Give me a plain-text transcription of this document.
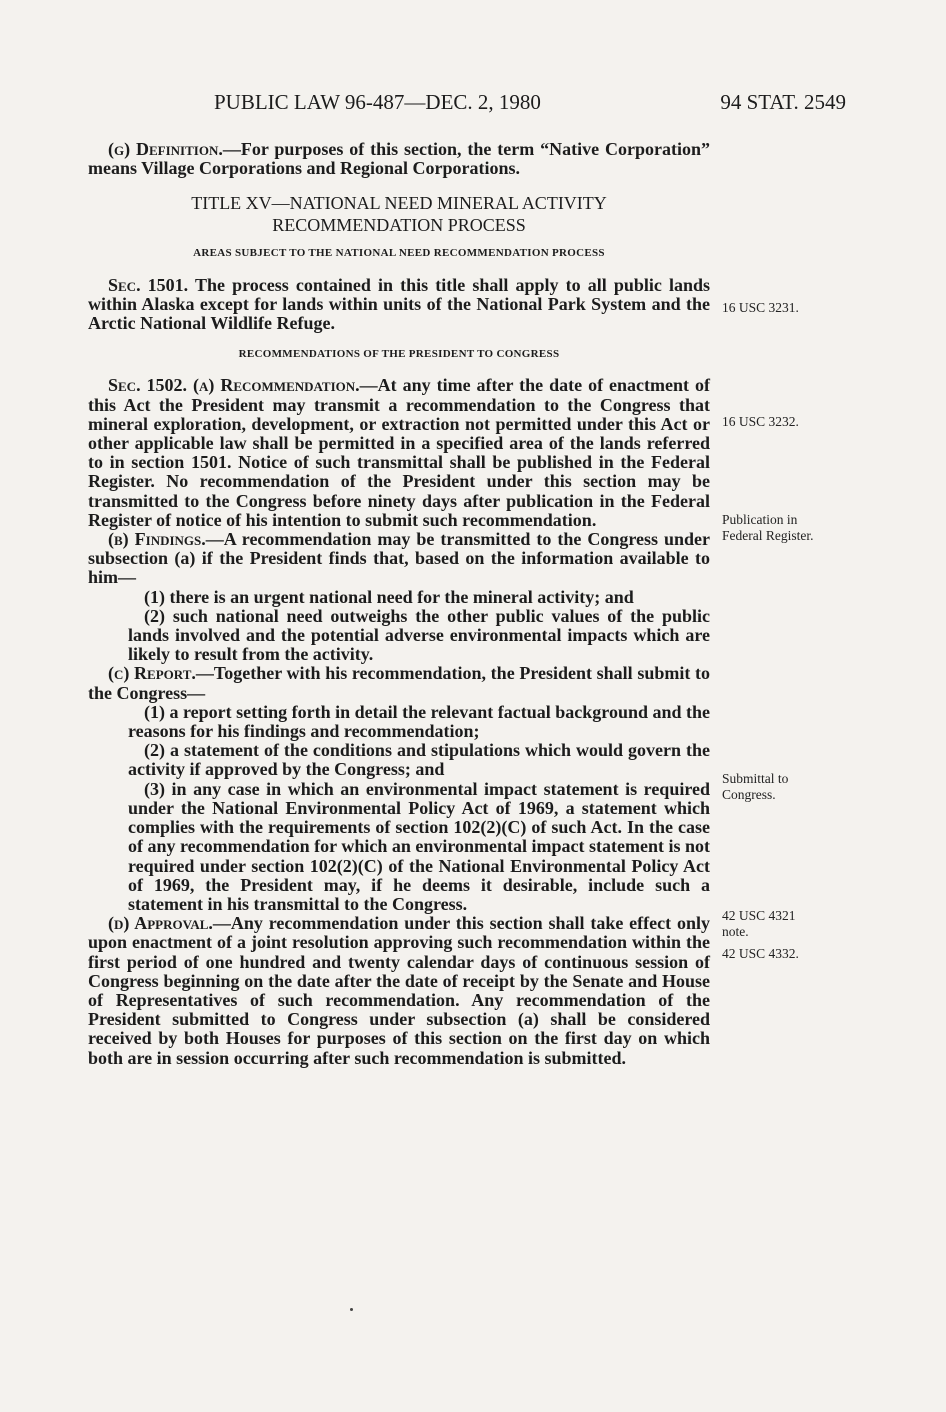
PUBLIC LAW 96-487—DEC. 2, 1980	94 STAT. 2549

(g) Definition.—For purposes of this section, the term “Native Corporation” means Village Corporations and Regional Corporations.

TITLE XV—NATIONAL NEED MINERAL ACTIVITY
RECOMMENDATION PROCESS
AREAS SUBJECT TO THE NATIONAL NEED RECOMMENDATION PROCESS

Sec. 1501. The process contained in this title shall apply to all public lands within Alaska except for lands within units of the National Park System and the Arctic National Wildlife Refuge.

RECOMMENDATIONS OF THE PRESIDENT TO CONGRESS

Sec. 1502. (a) Recommendation.—At any time after the date of enactment of this Act the President may transmit a recommendation to the Congress that mineral exploration, development, or extraction not permitted under this Act or other applicable law shall be permitted in a specified area of the lands referred to in section 1501. Notice of such transmittal shall be published in the Federal Register. No recommendation of the President under this section may be transmitted to the Congress before ninety days after publication in the Federal Register of notice of his intention to submit such recommendation.

(b) Findings.—A recommendation may be transmitted to the Congress under subsection (a) if the President finds that, based on the information available to him—

(1) there is an urgent national need for the mineral activity; and

(2) such national need outweighs the other public values of the public lands involved and the potential adverse environmental impacts which are likely to result from the activity.

(c) Report.—Together with his recommendation, the President shall submit to the Congress—

(1) a report setting forth in detail the relevant factual background and the reasons for his findings and recommendation;

(2) a statement of the conditions and stipulations which would govern the activity if approved by the Congress; and

(3) in any case in which an environmental impact statement is required under the National Environmental Policy Act of 1969, a statement which complies with the requirements of section 102(2)(C) of such Act. In the case of any recommendation for which an environmental impact statement is not required under section 102(2)(C) of the National Environmental Policy Act of 1969, the President may, if he deems it desirable, include such a statement in his transmittal to the Congress.

(d) Approval.—Any recommendation under this section shall take effect only upon enactment of a joint resolution approving such recommendation within the first period of one hundred and twenty calendar days of continuous session of Congress beginning on the date after the date of receipt by the Senate and House of Representatives of such recommendation. Any recommendation of the President submitted to Congress under subsection (a) shall be considered received by both Houses for purposes of this section on the first day on which both are in session occurring after such recommendation is submitted.

16 USC 3231.
16 USC 3232.
Publication in Federal Register.
Submittal to Congress.
42 USC 4321 note.
42 USC 4332.
